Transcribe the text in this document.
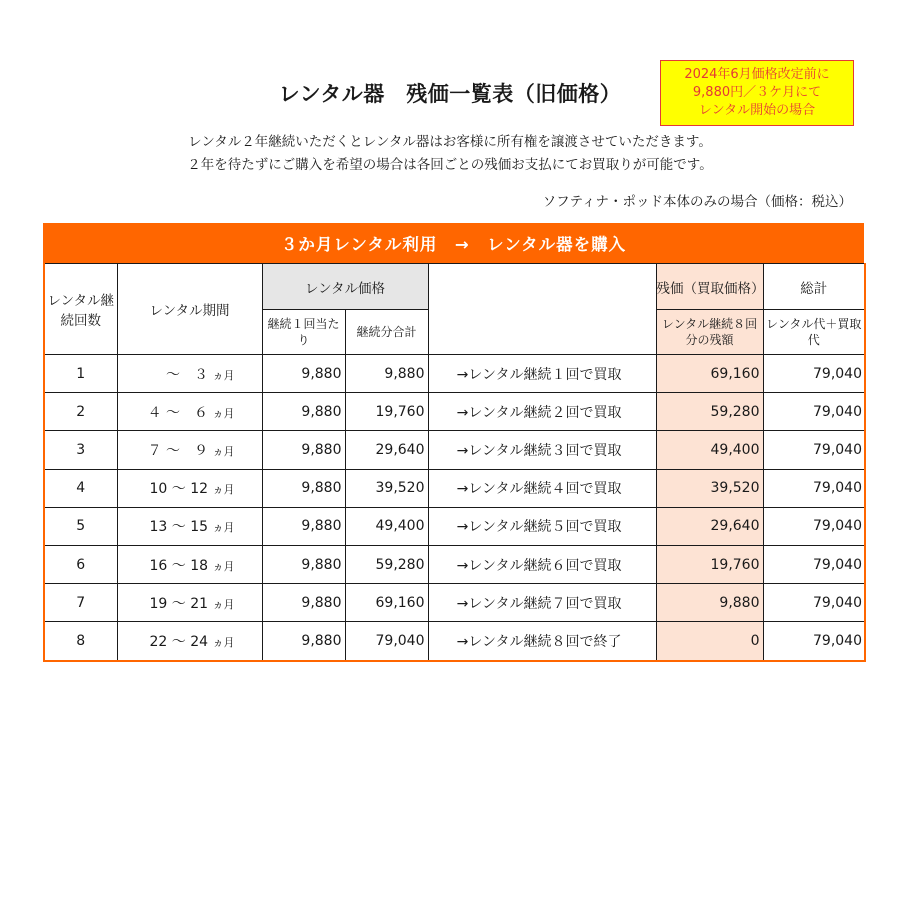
レンタル器　残価一覧表（旧価格）
2024年6月価格改定前に
9,880円／３ケ月にて
レンタル開始の場合
レンタル２年継続いただくとレンタル器はお客様に所有権を譲渡させていただきます。
２年を待たずにご購入を希望の場合は各回ごとの残価お支払にてお買取りが可能です。
ソフティナ・ポッド本体のみの場合（価格：税込）
３か月レンタル利用　→　レンタル器を購入
レンタル継続回数	レンタル期間	レンタル価格			残価（買取価格）	総計
		継続１回当たり	継続分合計		レンタル継続８回分の残額	レンタル代＋買取代
1	～　３ ヵ月	9,880	9,880	→レンタル継続１回で買取	69,160	79,040
2	４ ～　６ ヵ月	9,880	19,760	→レンタル継続２回で買取	59,280	79,040
3	７ ～　９ ヵ月	9,880	29,640	→レンタル継続３回で買取	49,400	79,040
4	10 ～ 12 ヵ月	9,880	39,520	→レンタル継続４回で買取	39,520	79,040
5	13 ～ 15 ヵ月	9,880	49,400	→レンタル継続５回で買取	29,640	79,040
6	16 ～ 18 ヵ月	9,880	59,280	→レンタル継続６回で買取	19,760	79,040
7	19 ～ 21 ヵ月	9,880	69,160	→レンタル継続７回で買取	9,880	79,040
8	22 ～ 24 ヵ月	9,880	79,040	→レンタル継続８回で終了	0	79,040
